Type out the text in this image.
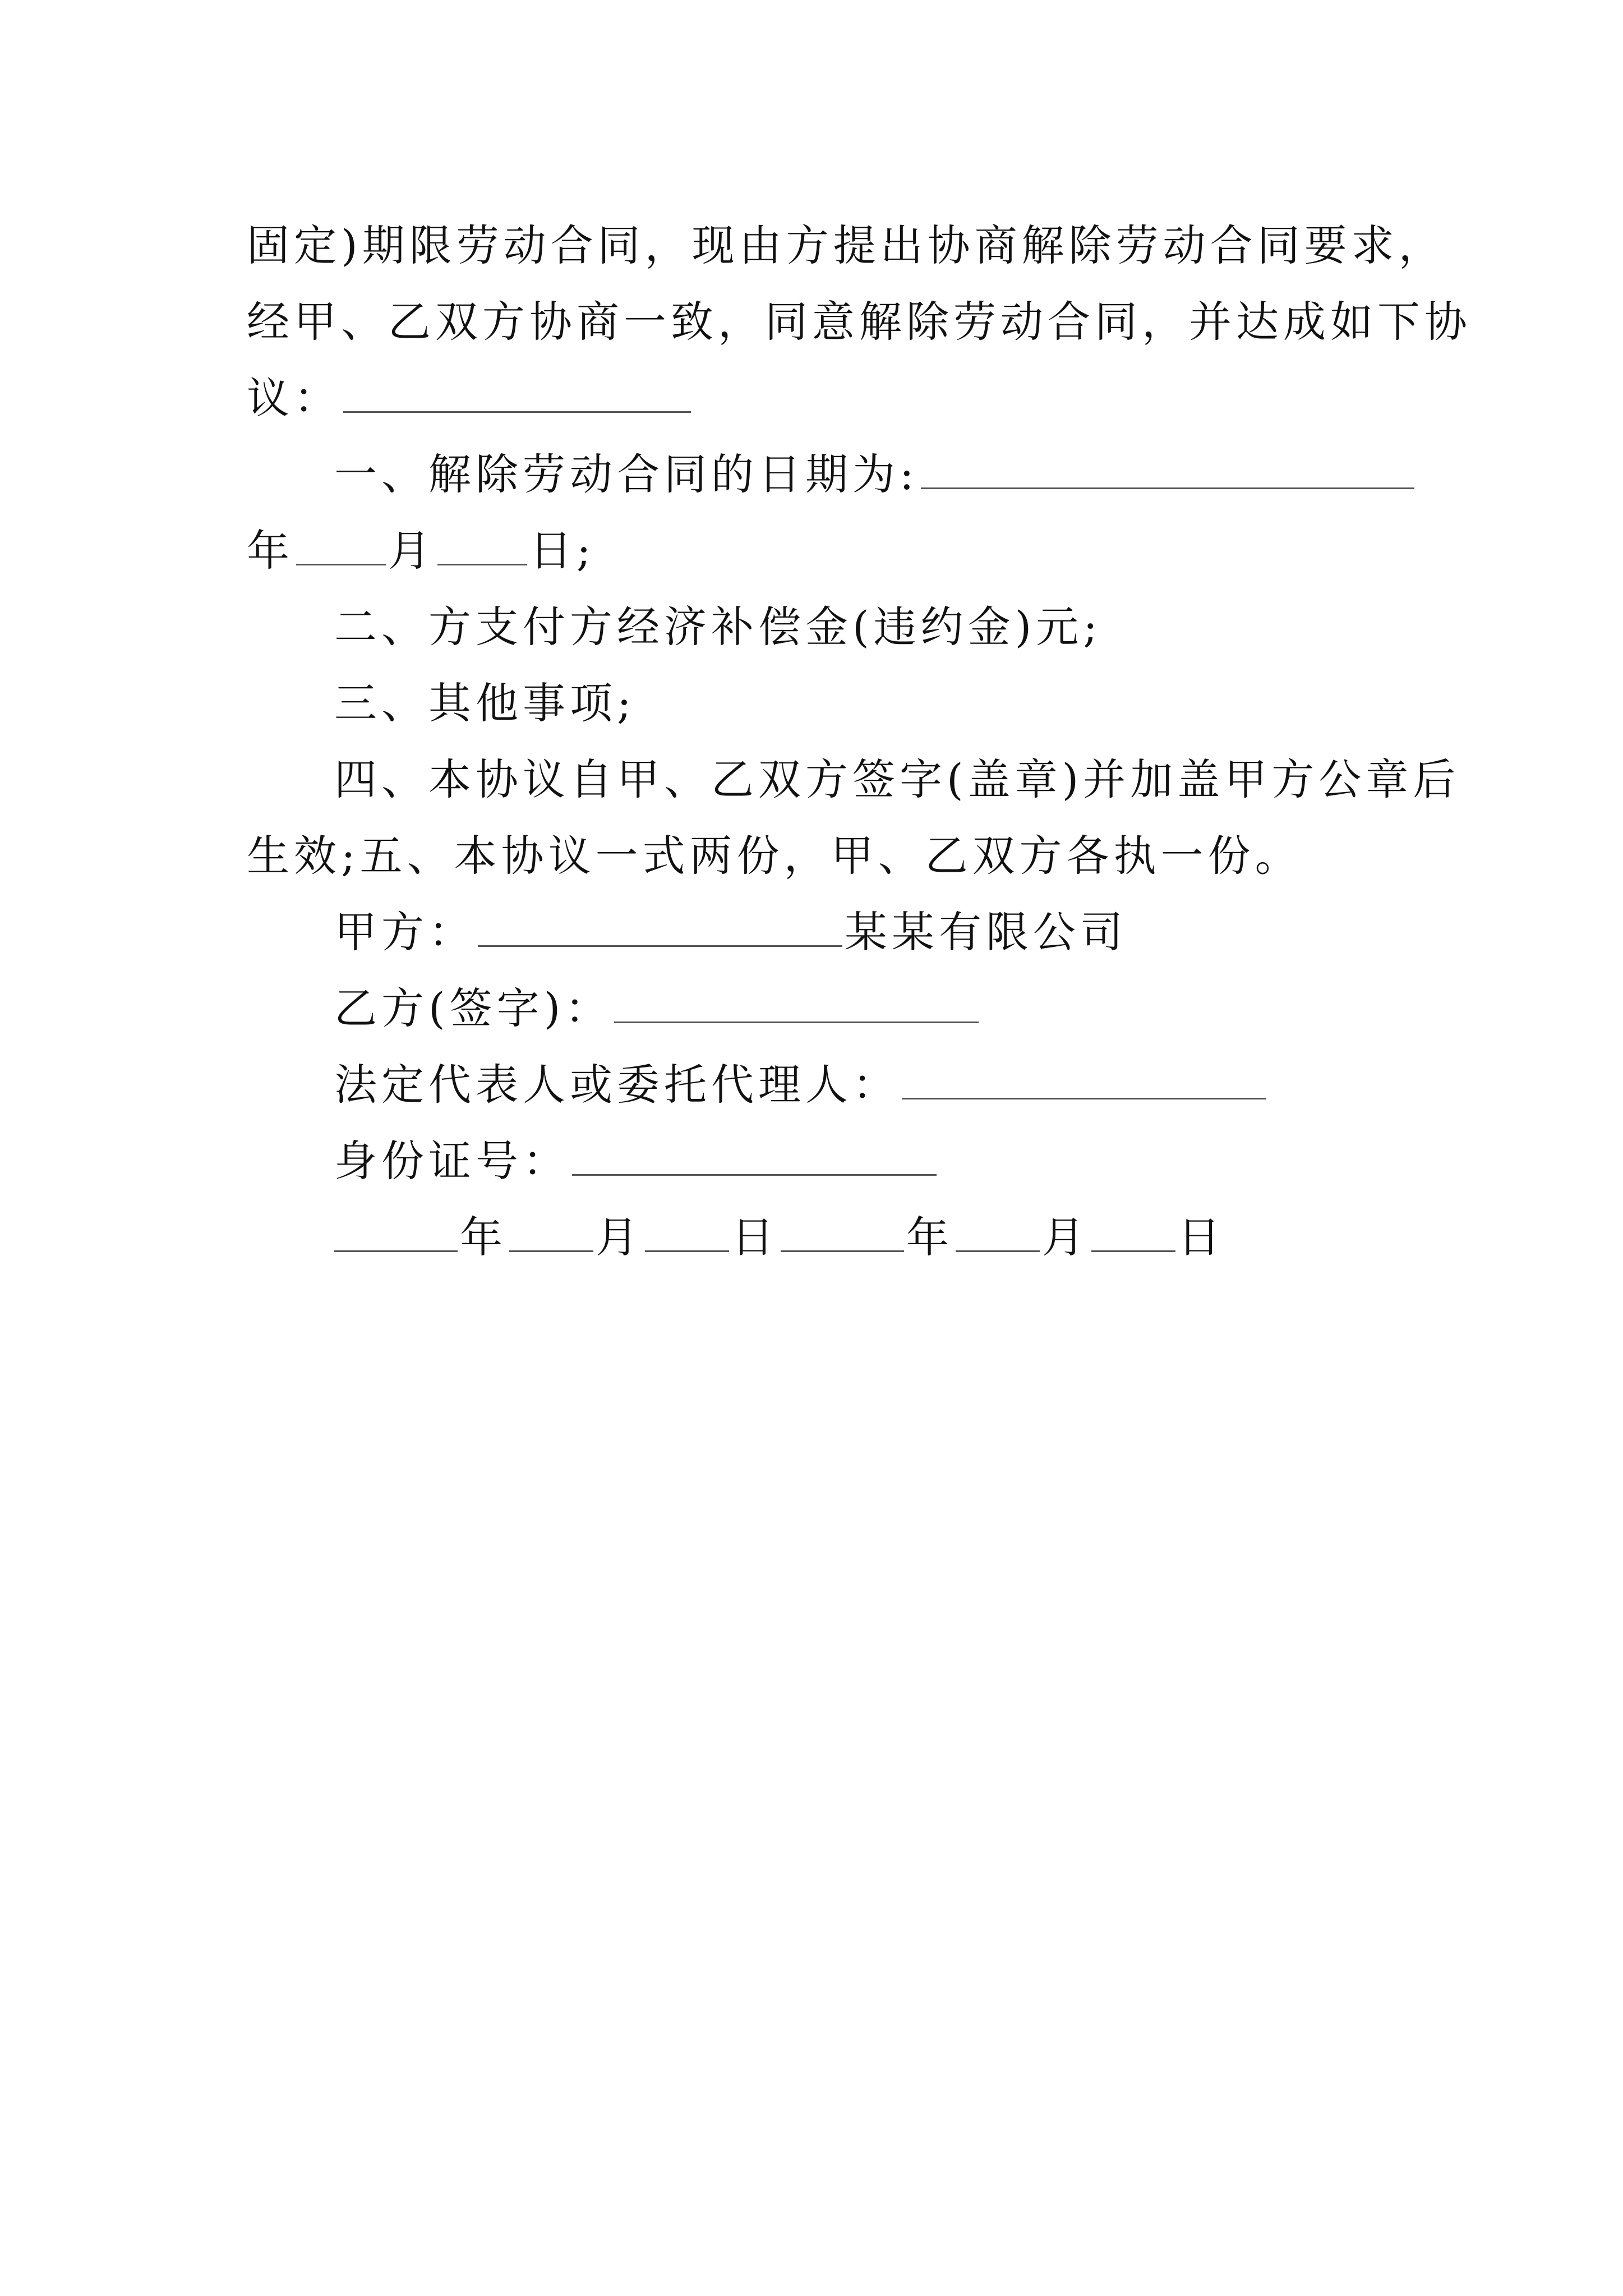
固定)期限劳动合同，现由方提出协商解除劳动合同要求，
经甲、乙双方协商一致，同意解除劳动合同，并达成如下协
议：
一、解除劳动合同的日期为:
年 月 日;
二、方支付方经济补偿金(违约金)元;
三、其他事项;
四、本协议自甲、乙双方签字(盖章)并加盖甲方公章后
生效;五、本协议一式两份，甲、乙双方各执一份。
甲方：	某某有限公司
乙方(签字)：
法定代表人或委托代理人：
身份证号：
年 月 日	年 月 日
